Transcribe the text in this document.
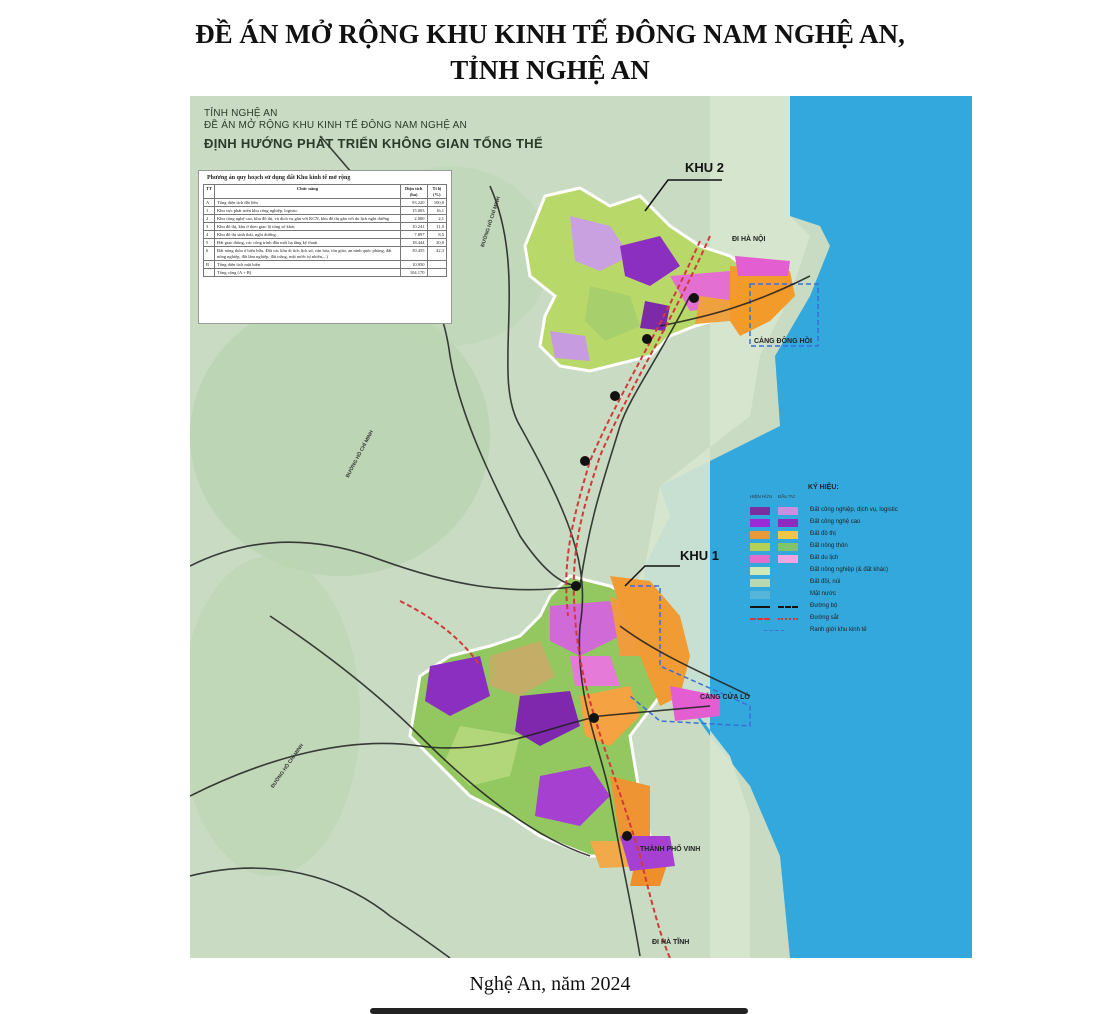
ĐỀ ÁN MỞ RỘNG KHU KINH TẾ ĐÔNG NAM NGHỆ AN,
TỈNH NGHỆ AN
TỈNH NGHỆ AN
ĐỀ ÁN MỞ RỘNG KHU KINH TẾ ĐÔNG NAM NGHỆ AN
ĐỊNH HƯỚNG PHÁT TRIỂN KHÔNG GIAN TỔNG THỂ
Phương án quy hoạch sử dụng đất Khu kinh tế mở rộng
TT	Chức năng	Diện tích (ha)	Tỉ lệ (%)
A	Tổng diện tích đất liền	93.220	100,0
1	Khu vực phát triển khu công nghiệp, logistic	15.003	16,1
2	Khu công nghệ cao, khu đô thị, và dịch vụ gắn với KCN, khu đô thị gắn với du lịch nghỉ dưỡng	2.000	2,1
3	Khu đô thị, khu ở theo giao lộ tổng số khác	10.241	11,0
4	Khu đô thị sinh thái, nghỉ dưỡng	7.897	8,5
5	Đất giao thông, các công trình đầu mối hạ tầng kỹ thuật	18.444	20,0
6	Đất nông thôn ở hiện hữu, Đất các khu di tích lịch sử, văn hóa, tôn giáo, an ninh quốc phòng, đất nông nghiệp, đất lâm nghiệp, đất trồng, mặt nước tự nhiên,...)	39.455	42,3
B	Tổng diện tích mặt biển	10.950	
	Tổng cộng (A + B)	104.170	
KHU 2
KHU 1
ĐI HÀ NỘI
ĐI HÀ TĨNH
CẢNG ĐÔNG HỒI
CẢNG CỬA LÒ
THÀNH PHỐ VINH
ĐƯỜNG HỒ CHÍ MINH
ĐƯỜNG HỒ CHÍ MINH
ĐƯỜNG HỒ CHÍ MINH
KÝ HIỆU:
HIỆN HỮU ĐẦU TƯ
Đất công nghiệp, dịch vụ, logistic
Đất công nghệ cao
Đất đô thị
Đất nông thôn
Đất du lịch
Đất nông nghiệp (& đất khác)
Đất đồi, núi
Mặt nước
Đường bộ
Đường sắt
Ranh giới khu kinh tế
Nghệ An, năm 2024
